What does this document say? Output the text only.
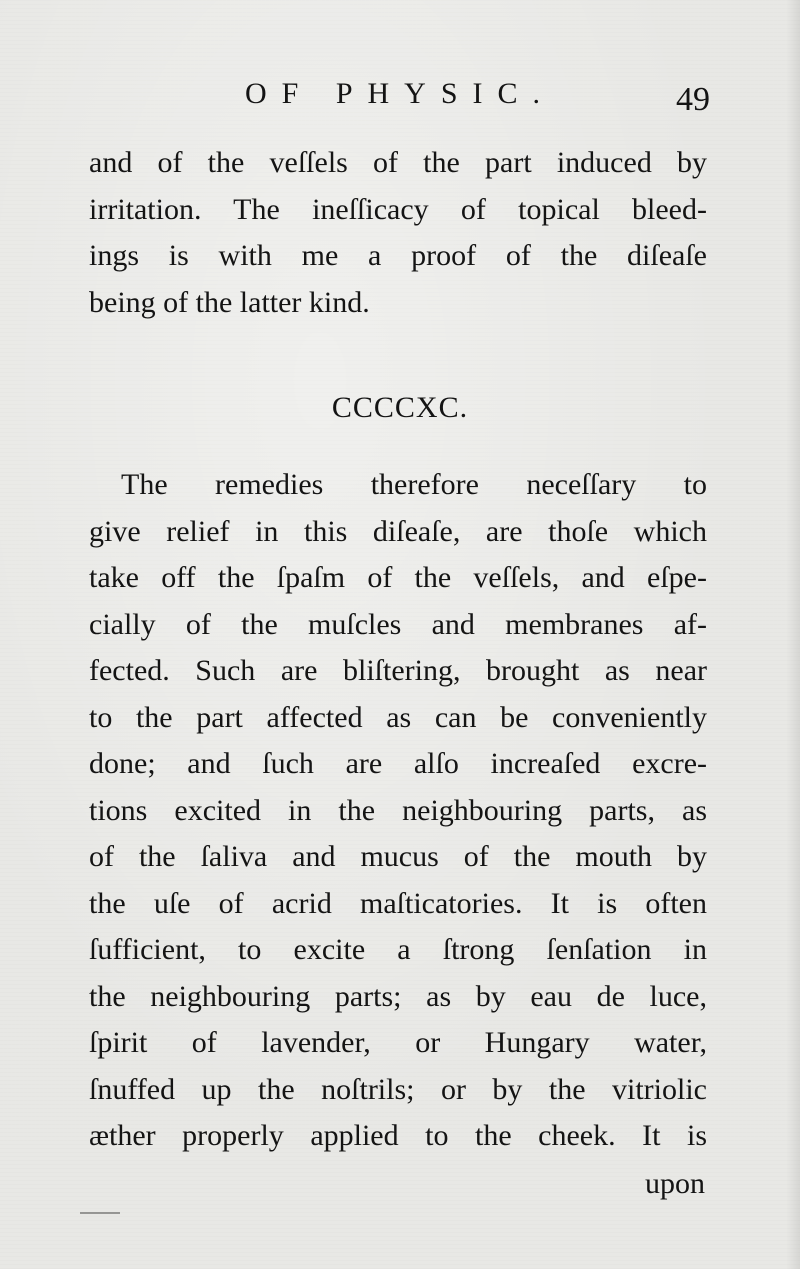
OF PHYSIC.	49
and of the veſſels of the part induced by
irritation. The ineſſicacy of topical bleed-
ings is with me a proof of the diſeaſe
being of the latter kind.
CCCCXC.
The remedies therefore neceſſary to
give relief in this diſeaſe, are thoſe which
take off the ſpaſm of the veſſels, and eſpe-
cially of the muſcles and membranes af-
fected. Such are bliſtering, brought as near
to the part affected as can be conveniently
done; and ſuch are alſo increaſed excre-
tions excited in the neighbouring parts, as
of the ſaliva and mucus of the mouth by
the uſe of acrid maſticatories. It is often
ſufficient, to excite a ſtrong ſenſation in
the neighbouring parts; as by eau de luce,
ſpirit of lavender, or Hungary water,
ſnuffed up the noſtrils; or by the vitriolic
æther properly applied to the cheek. It is
upon
